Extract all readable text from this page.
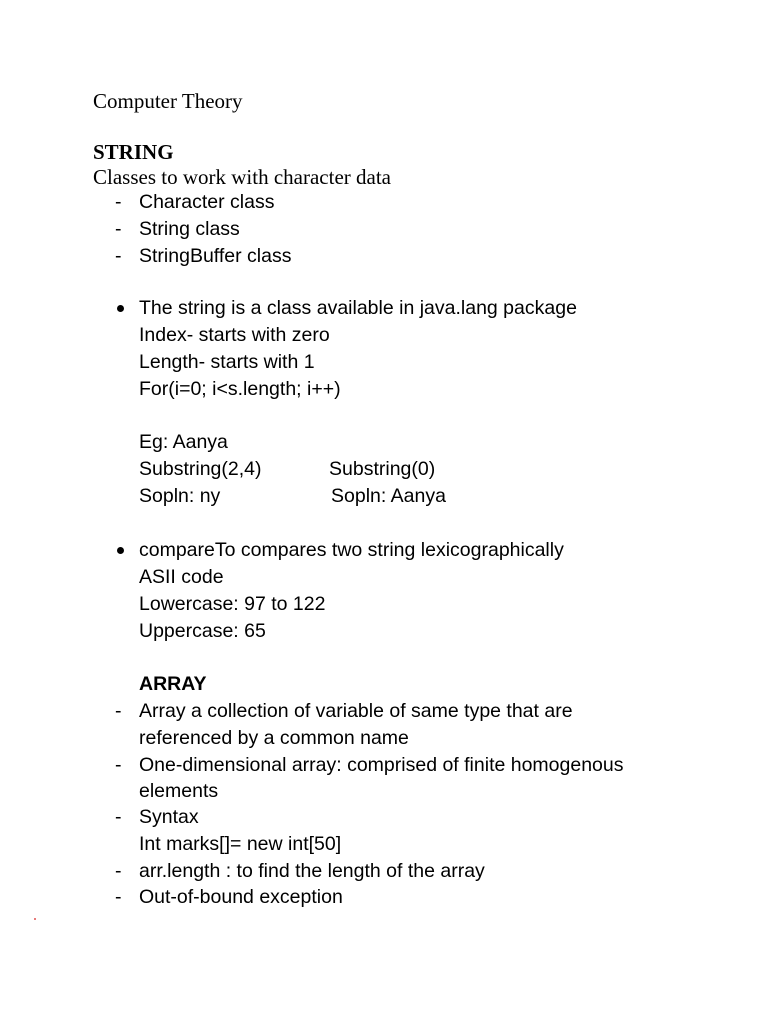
Computer Theory
STRING
Classes to work with character data
- Character class
- String class
- StringBuffer class
The string is a class available in java.lang package
Index- starts with zero
Length- starts with 1
For(i=0; i<s.length; i++)
Eg: Aanya
Substring(2,4)	Substring(0)
Sopln: ny	Sopln: Aanya
compareTo compares two string lexicographically
ASII code
Lowercase: 97 to 122
Uppercase: 65
ARRAY
- Array a collection of variable of same type that are
referenced by a common name
- One-dimensional array: comprised of finite homogenous
elements
- Syntax
Int marks[]= new int[50]
- arr.length : to find the length of the array
- Out-of-bound exception
